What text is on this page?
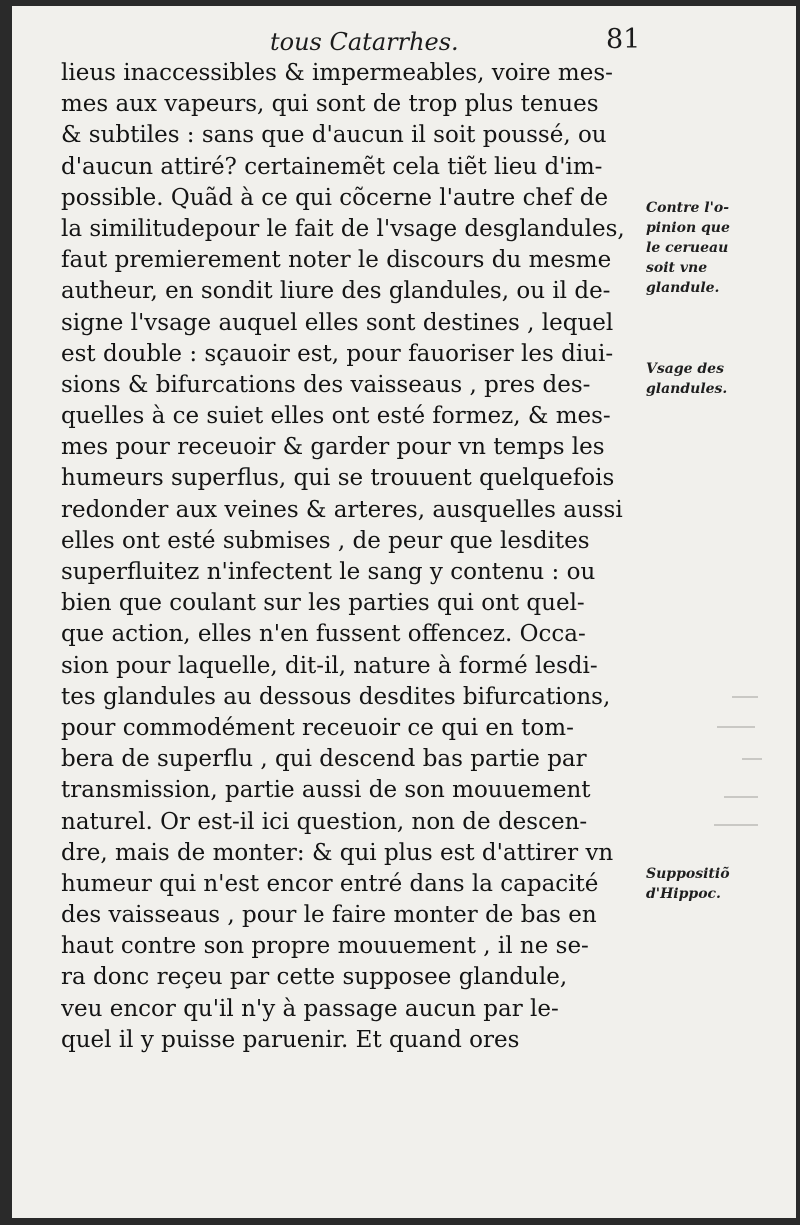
tous Catarrhes.	81
lieus inaccessibles & impermeables, voire mes-
mes aux vapeurs, qui sont de trop plus tenues
& subtiles : sans que d'aucun il soit poussé, ou
d'aucun attiré? certainemẽt cela tiẽt lieu d'im-
possible. Quãd à ce qui cõcerne l'autre chef de
la similitudepour le fait de l'vsage desglandules,
faut premierement noter le discours du mesme
autheur, en sondit liure des glandules, ou il de-
signe l'vsage auquel elles sont destines , lequel
est double : sçauoir est, pour fauoriser les diui-
sions & bifurcations des vaisseaus , pres des-
quelles à ce suiet elles ont esté formez, & mes-
mes pour receuoir & garder pour vn temps les
humeurs superflus, qui se trouuent quelquefois
redonder aux veines & arteres, ausquelles aussi
elles ont esté submises , de peur que lesdites
superfluitez n'infectent le sang y contenu : ou
bien que coulant sur les parties qui ont quel-
que action, elles n'en fussent offencez. Occa-
sion pour laquelle, dit-il, nature à formé lesdi-
tes glandules au dessous desdites bifurcations,
pour commodément receuoir ce qui en tom-
bera de superflu , qui descend bas partie par
transmission, partie aussi de son mouuement
naturel. Or est-il ici question, non de descen-
dre, mais de monter: & qui plus est d'attirer vn
humeur qui n'est encor entré dans la capacité
des vaisseaus , pour le faire monter de bas en
haut contre son propre mouuement , il ne se-
ra donc reçeu par cette supposee glandule,
veu encor qu'il n'y à passage aucun par le-
quel il y puisse paruenir. Et quand ores
Contre l'o-
pinion que
le cerueau
soit vne
glandule.
Vsage des
glandules.
Suppositiõ
d'Hippoc.
